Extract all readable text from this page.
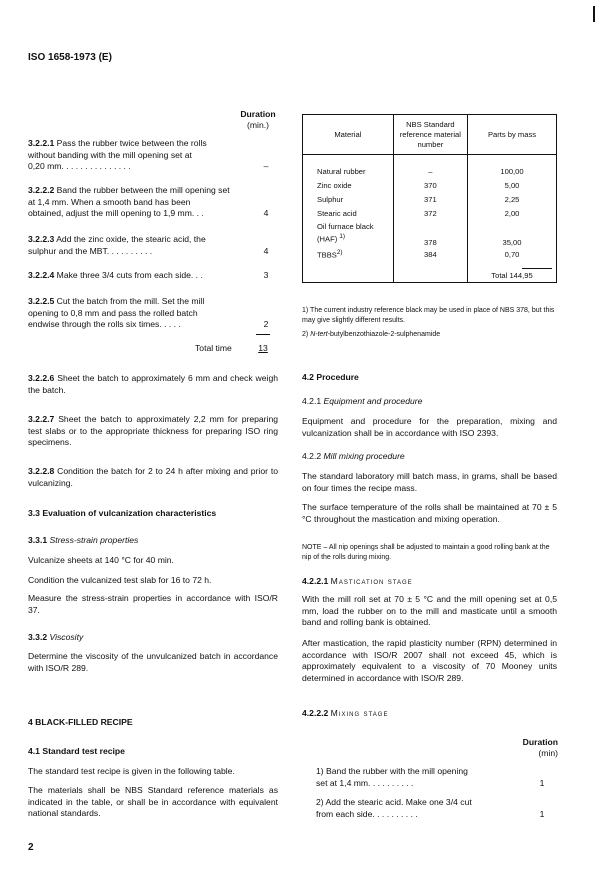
ISO 1658-1973 (E)
Duration
(min.)
3.2.2.1 Pass the rubber twice between the rolls
without banding with the mill opening set at
0,20 mm. . . . . . . . . . . . . . .	–
3.2.2.2 Band the rubber between the mill opening set
at 1,4 mm. When a smooth band has been
obtained, adjust the mill opening to 1,9 mm. . .	4
3.2.2.3 Add the zinc oxide, the stearic acid, the
sulphur and the MBT. . . . . . . . . .	4
3.2.2.4 Make three 3/4 cuts from each side. . .	3
3.2.2.5 Cut the batch from the mill. Set the mill
opening to 0,8 mm and pass the rolled batch
endwise through the rolls six times. . . . .	2
Total time	13
Material	NBS Standard reference material number	Parts by mass

Natural rubber	–	100,00
Zinc oxide	370	5,00
Sulphur	371	2,25
Stearic acid	372	2,00
Oil furnace black (HAF) $^{1)}$	378	35,00
TBBS$^{2)}$	384	0,70

Total 144,95
1) The current industry reference black may be used in place of NBS 378, but this may give slightly different results.
2) N-tert-butylbenzothiazole-2-sulphenamide
3.2.2.6 Sheet the batch to approximately 6 mm and check weigh the batch.
3.2.2.7 Sheet the batch to approximately 2,2 mm for preparing test slabs or to the appropriate thickness for preparing ISO ring specimens.
3.2.2.8 Condition the batch for 2 to 24 h after mixing and prior to vulcanizing.
3.3 Evaluation of vulcanization characteristics
3.3.1 Stress-strain properties
Vulcanize sheets at 140 °C for 40 min.
Condition the vulcanized test slab for 16 to 72 h.
Measure the stress-strain properties in accordance with ISO/R 37.
3.3.2 Viscosity
Determine the viscosity of the unvulcanized batch in accordance with ISO/R 289.
4 BLACK-FILLED RECIPE
4.1 Standard test recipe
The standard test recipe is given in the following table.
The materials shall be NBS Standard reference materials as indicated in the table, or shall be in accordance with equivalent national standards.
4.2 Procedure
4.2.1 Equipment and procedure
Equipment and procedure for the preparation, mixing and vulcanization shall be in accordance with ISO 2393.
4.2.2 Mill mixing procedure
The standard laboratory mill batch mass, in grams, shall be based on four times the recipe mass.
The surface temperature of the rolls shall be maintained at 70 ± 5 °C throughout the mastication and mixing operation.
NOTE – All nip openings shall be adjusted to maintain a good rolling bank at the nip of the rolls during mixing.
4.2.2.1 Mastication stage
With the mill roll set at 70 ± 5 °C and the mill opening set at 0,5 mm, load the rubber on to the mill and masticate until a smooth band and rolling bank is obtained.
After mastication, the rapid plasticity number (RPN) determined in accordance with ISO/R 2007 shall not exceed 45, which is approximately equivalent to a viscosity of 70 Mooney units determined in accordance with ISO/R 289.
4.2.2.2 Mixing stage
Duration
(min)
1) Band the rubber with the mill opening
set at 1,4 mm. . . . . . . . . .	1
2) Add the stearic acid. Make one 3/4 cut
from each side. . . . . . . . . .	1
2
